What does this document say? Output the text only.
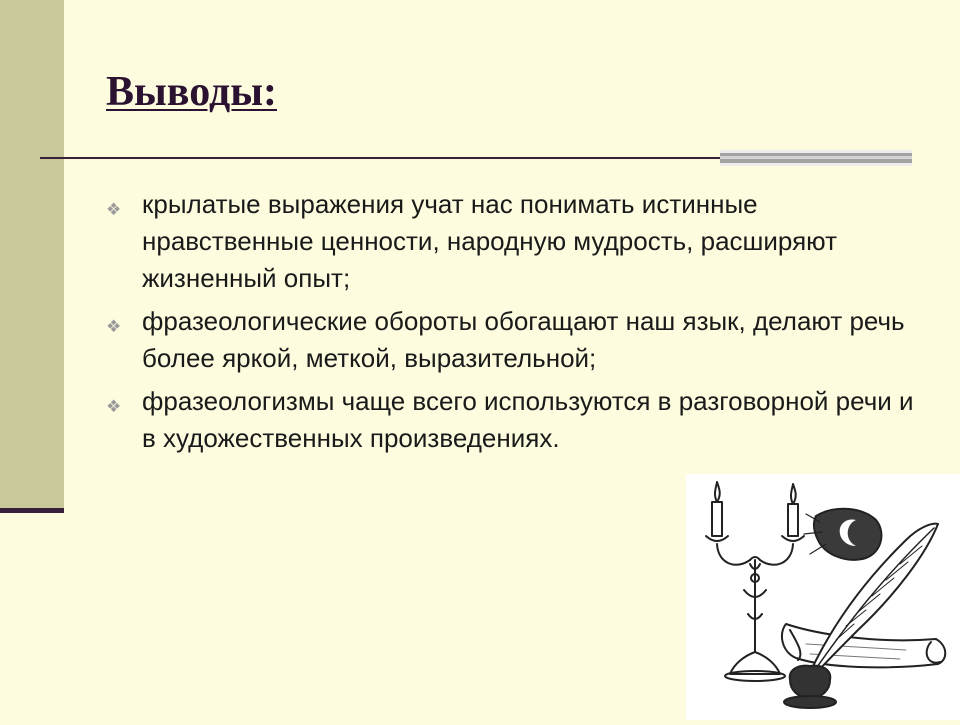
Выводы:
❖ крылатые выражения учат нас понимать истинные нравственные ценности, народную мудрость, расширяют жизненный опыт;
❖ фразеологические обороты обогащают наш язык, делают речь более яркой, меткой, выразительной;
❖ фразеологизмы чаще всего используются в разговорной речи и в художественных произведениях.
